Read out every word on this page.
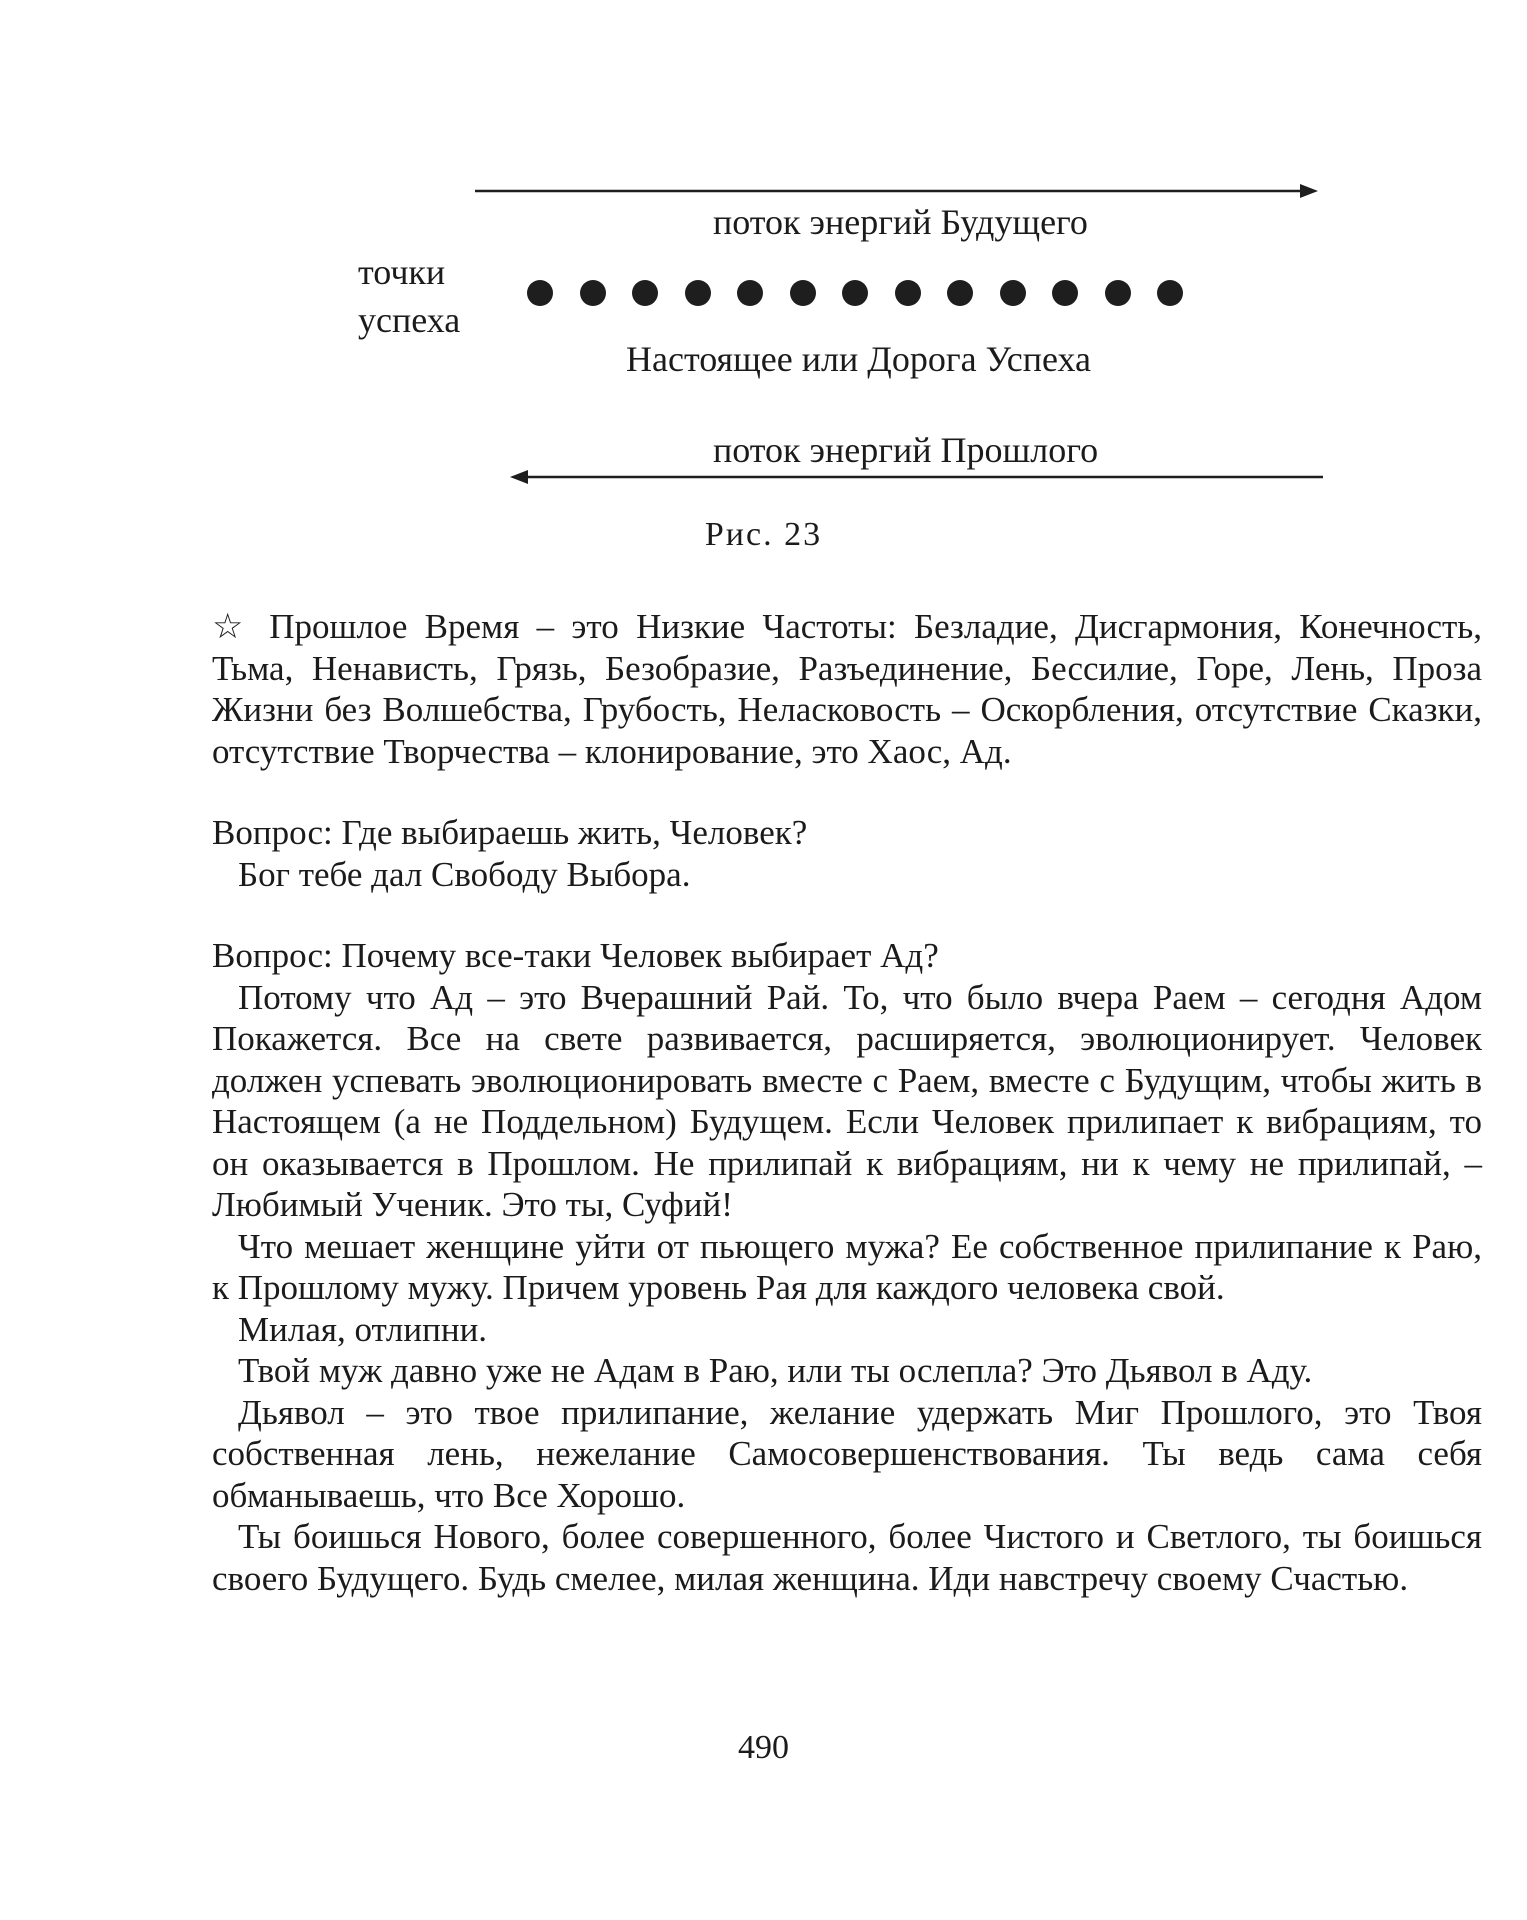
поток энергий Будущего
точки
успеха
Настоящее или Дорога Успеха
поток энергий Прошлого
Рис. 23

☆ Прошлое Время – это Низкие Частоты: Безладие, Дисгармония, Конечность, Тьма, Ненависть, Грязь, Безобразие, Разъединение, Бессилие, Горе, Лень, Проза Жизни без Волшебства, Грубость, Неласковость – Оскорбления, отсутствие Сказки, отсутствие Творчества – клонирование, это Хаос, Ад.

Вопрос: Где выбираешь жить, Человек?

Бог тебе дал Свободу Выбора.

Вопрос: Почему все-таки Человек выбирает Ад?

Потому что Ад – это Вчерашний Рай. То, что было вчера Раем – сегодня Адом Покажется. Все на свете развивается, расширяется, эволюционирует. Человек должен успевать эволюционировать вместе с Раем, вместе с Будущим, чтобы жить в Настоящем (а не Поддельном) Будущем. Если Человек прилипает к вибрациям, то он оказывается в Прошлом. Не прилипай к вибрациям, ни к чему не прилипай, – Любимый Ученик. Это ты, Суфий!

Что мешает женщине уйти от пьющего мужа? Ее собственное прилипание к Раю, к Прошлому мужу. Причем уровень Рая для каждого человека свой.

Милая, отлипни.

Твой муж давно уже не Адам в Раю, или ты ослепла? Это Дьявол в Аду.

Дьявол – это твое прилипание, желание удержать Миг Прошлого, это Твоя собственная лень, нежелание Самосовершенствования. Ты ведь сама себя обманываешь, что Все Хорошо.

Ты боишься Нового, более совершенного, более Чистого и Светлого, ты боишься своего Будущего. Будь смелее, милая женщина. Иди навстречу своему Счастью.

490
